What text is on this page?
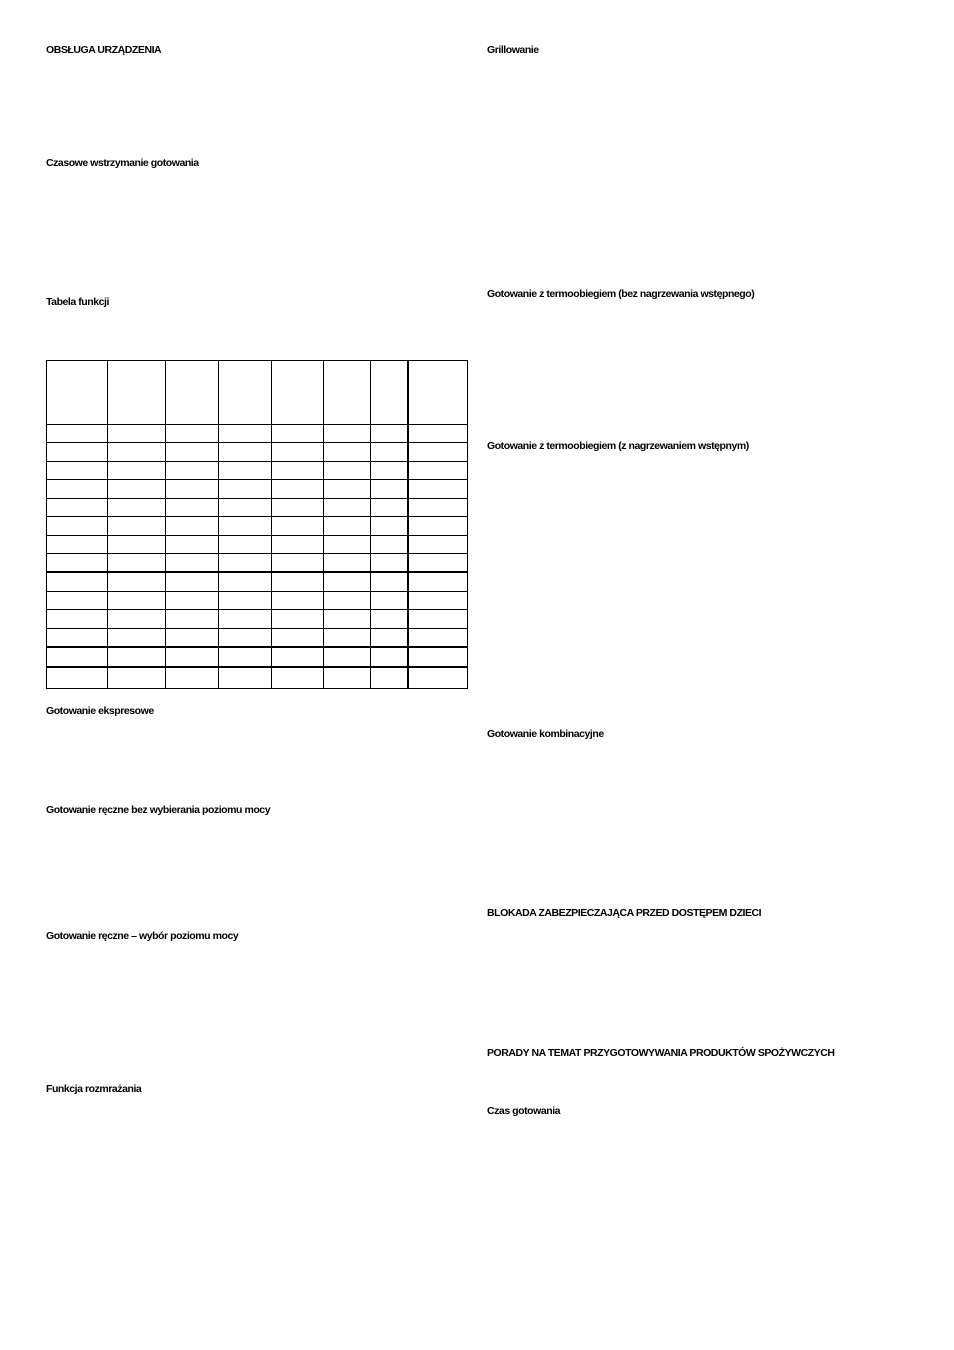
OBSŁUGA URZĄDZENIA
Czasowe wstrzymanie gotowania
Tabela funkcji

Gotowanie ekspresowe
Gotowanie ręczne bez wybierania poziomu mocy
Gotowanie ręczne – wybór poziomu mocy
Funkcja rozmrażania
Grillowanie
Gotowanie z termoobiegiem (bez nagrzewania wstępnego)
Gotowanie z termoobiegiem (z nagrzewaniem wstępnym)
Gotowanie kombinacyjne
BLOKADA ZABEZPIECZAJĄCA PRZED DOSTĘPEM DZIECI
PORADY NA TEMAT PRZYGOTOWYWANIA PRODUKTÓW SPOŻYWCZYCH
Czas gotowania
